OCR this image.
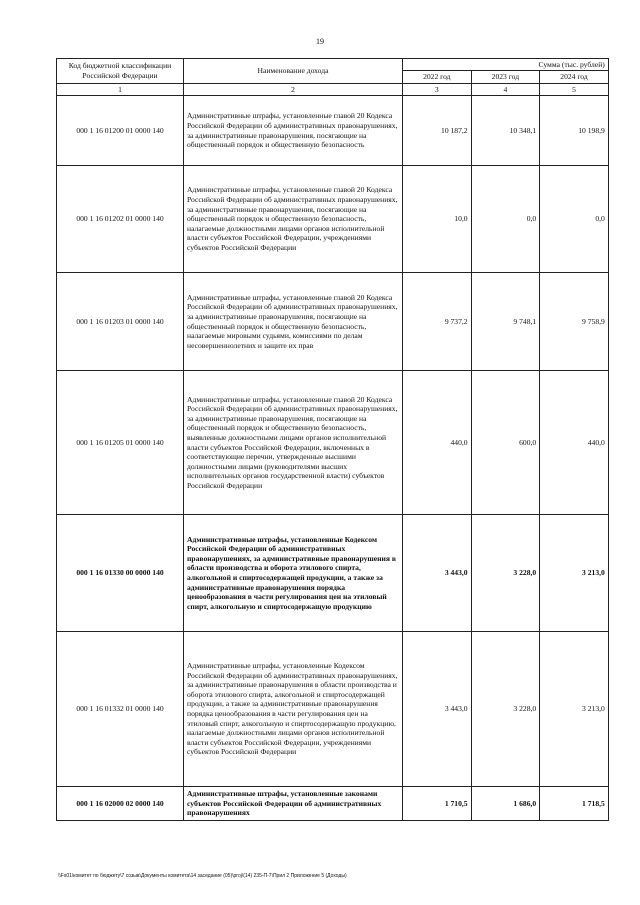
19
Код бюджетной классификации Российской Федерации	Наименование дохода	Сумма (тыс. рублей)		
		2022 год	2023 год	2024 год
1	2	3	4	5
000 1 16 01200 01 0000 140	Административные штрафы, установленные главой 20 Кодекса Российской Федерации об административных правонарушениях, за административные правонарушения, посягающие на общественный порядок и общественную безопасность	10 187,2	10 348,1	10 198,9
000 1 16 01202 01 0000 140	Административные штрафы, установленные главой 20 Кодекса Российской Федерации об административных правонарушениях, за административные правонарушения, посягающие на общественный порядок и общественную безопасность, налагаемые должностными лицами органов исполнительной власти субъектов Российской Федерации, учреждениями субъектов Российской Федерации	10,0	0,0	0,0
000 1 16 01203 01 0000 140	Административные штрафы, установленные главой 20 Кодекса Российской Федерации об административных правонарушениях, за административные правонарушения, посягающие на общественный порядок и общественную безопасность, налагаемые мировыми судьями, комиссиями по делам несовершеннолетних и защите их прав	9 737,2	9 748,1	9 758,9
000 1 16 01205 01 0000 140	Административные штрафы, установленные главой 20 Кодекса Российской Федерации об административных правонарушениях, за административные правонарушения, посягающие на общественный порядок и общественную безопасность, выявленные должностными лицами органов исполнительной власти субъектов Российской Федерации, включенных в соответствующие перечни, утвержденные высшими должностными лицами (руководителями высших исполнительных органов государственной власти) субъектов Российской Федерации	440,0	600,0	440,0
000 1 16 01330 00 0000 140	Административные штрафы, установленные Кодексом Российской Федерации об административных правонарушениях, за административные правонарушения в области производства и оборота этилового спирта, алкогольной и спиртосодержащей продукции, а также за административные правонарушения порядка ценообразования в части регулирования цен на этиловый спирт, алкогольную и спиртосодержащую продукцию	3 443,0	3 228,0	3 213,0
000 1 16 01332 01 0000 140	Административные штрафы, установленные Кодексом Российской Федерации об административных правонарушениях, за административные правонарушения в области производства и оборота этилового спирта, алкогольной и спиртосодержащей продукции, а также за административные правонарушения порядка ценообразования в части регулирования цен на этиловый спирт, алкогольную и спиртосодержащую продукцию, налагаемые должностными лицами органов исполнительной власти субъектов Российской Федерации, учреждениями субъектов Российской Федерации	3 443,0	3 228,0	3 213,0
000 1 16 02000 02 0000 140	Административные штрафы, установленные законами субъектов Российской Федерации об административных правонарушениях	1 710,5	1 686,0	1 718,5
\\Fs01\комитет по бюджету\7 созыв\Документы комитета\14 заседание (05)\proj\(14) 235-П-7\Прил 2 Приложение 5 (Доходы)
